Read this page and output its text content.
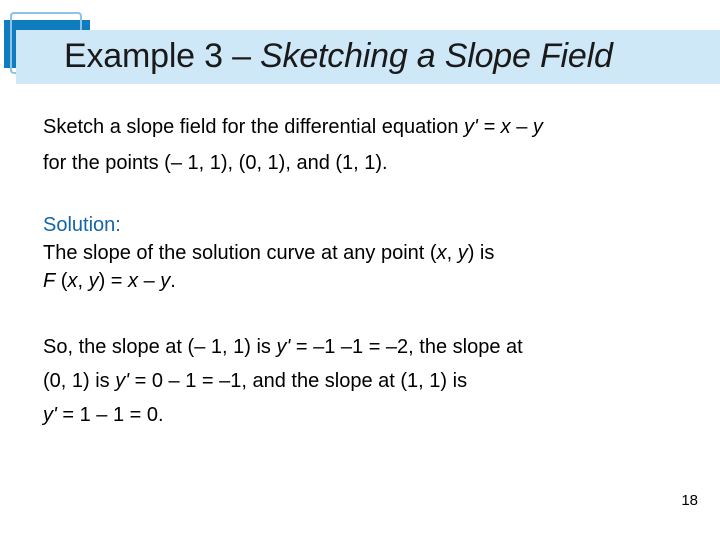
Example 3 – Sketching a Slope Field
Sketch a slope field for the differential equation y' = x – y
for the points (– 1, 1), (0, 1), and (1, 1).
Solution:
The slope of the solution curve at any point (x, y) is
F (x, y) = x – y.
So, the slope at (– 1, 1) is y' = –1 –1 = –2, the slope at
(0, 1) is y' = 0 – 1 = –1, and the slope at (1, 1) is
y' = 1 – 1 = 0.
18
